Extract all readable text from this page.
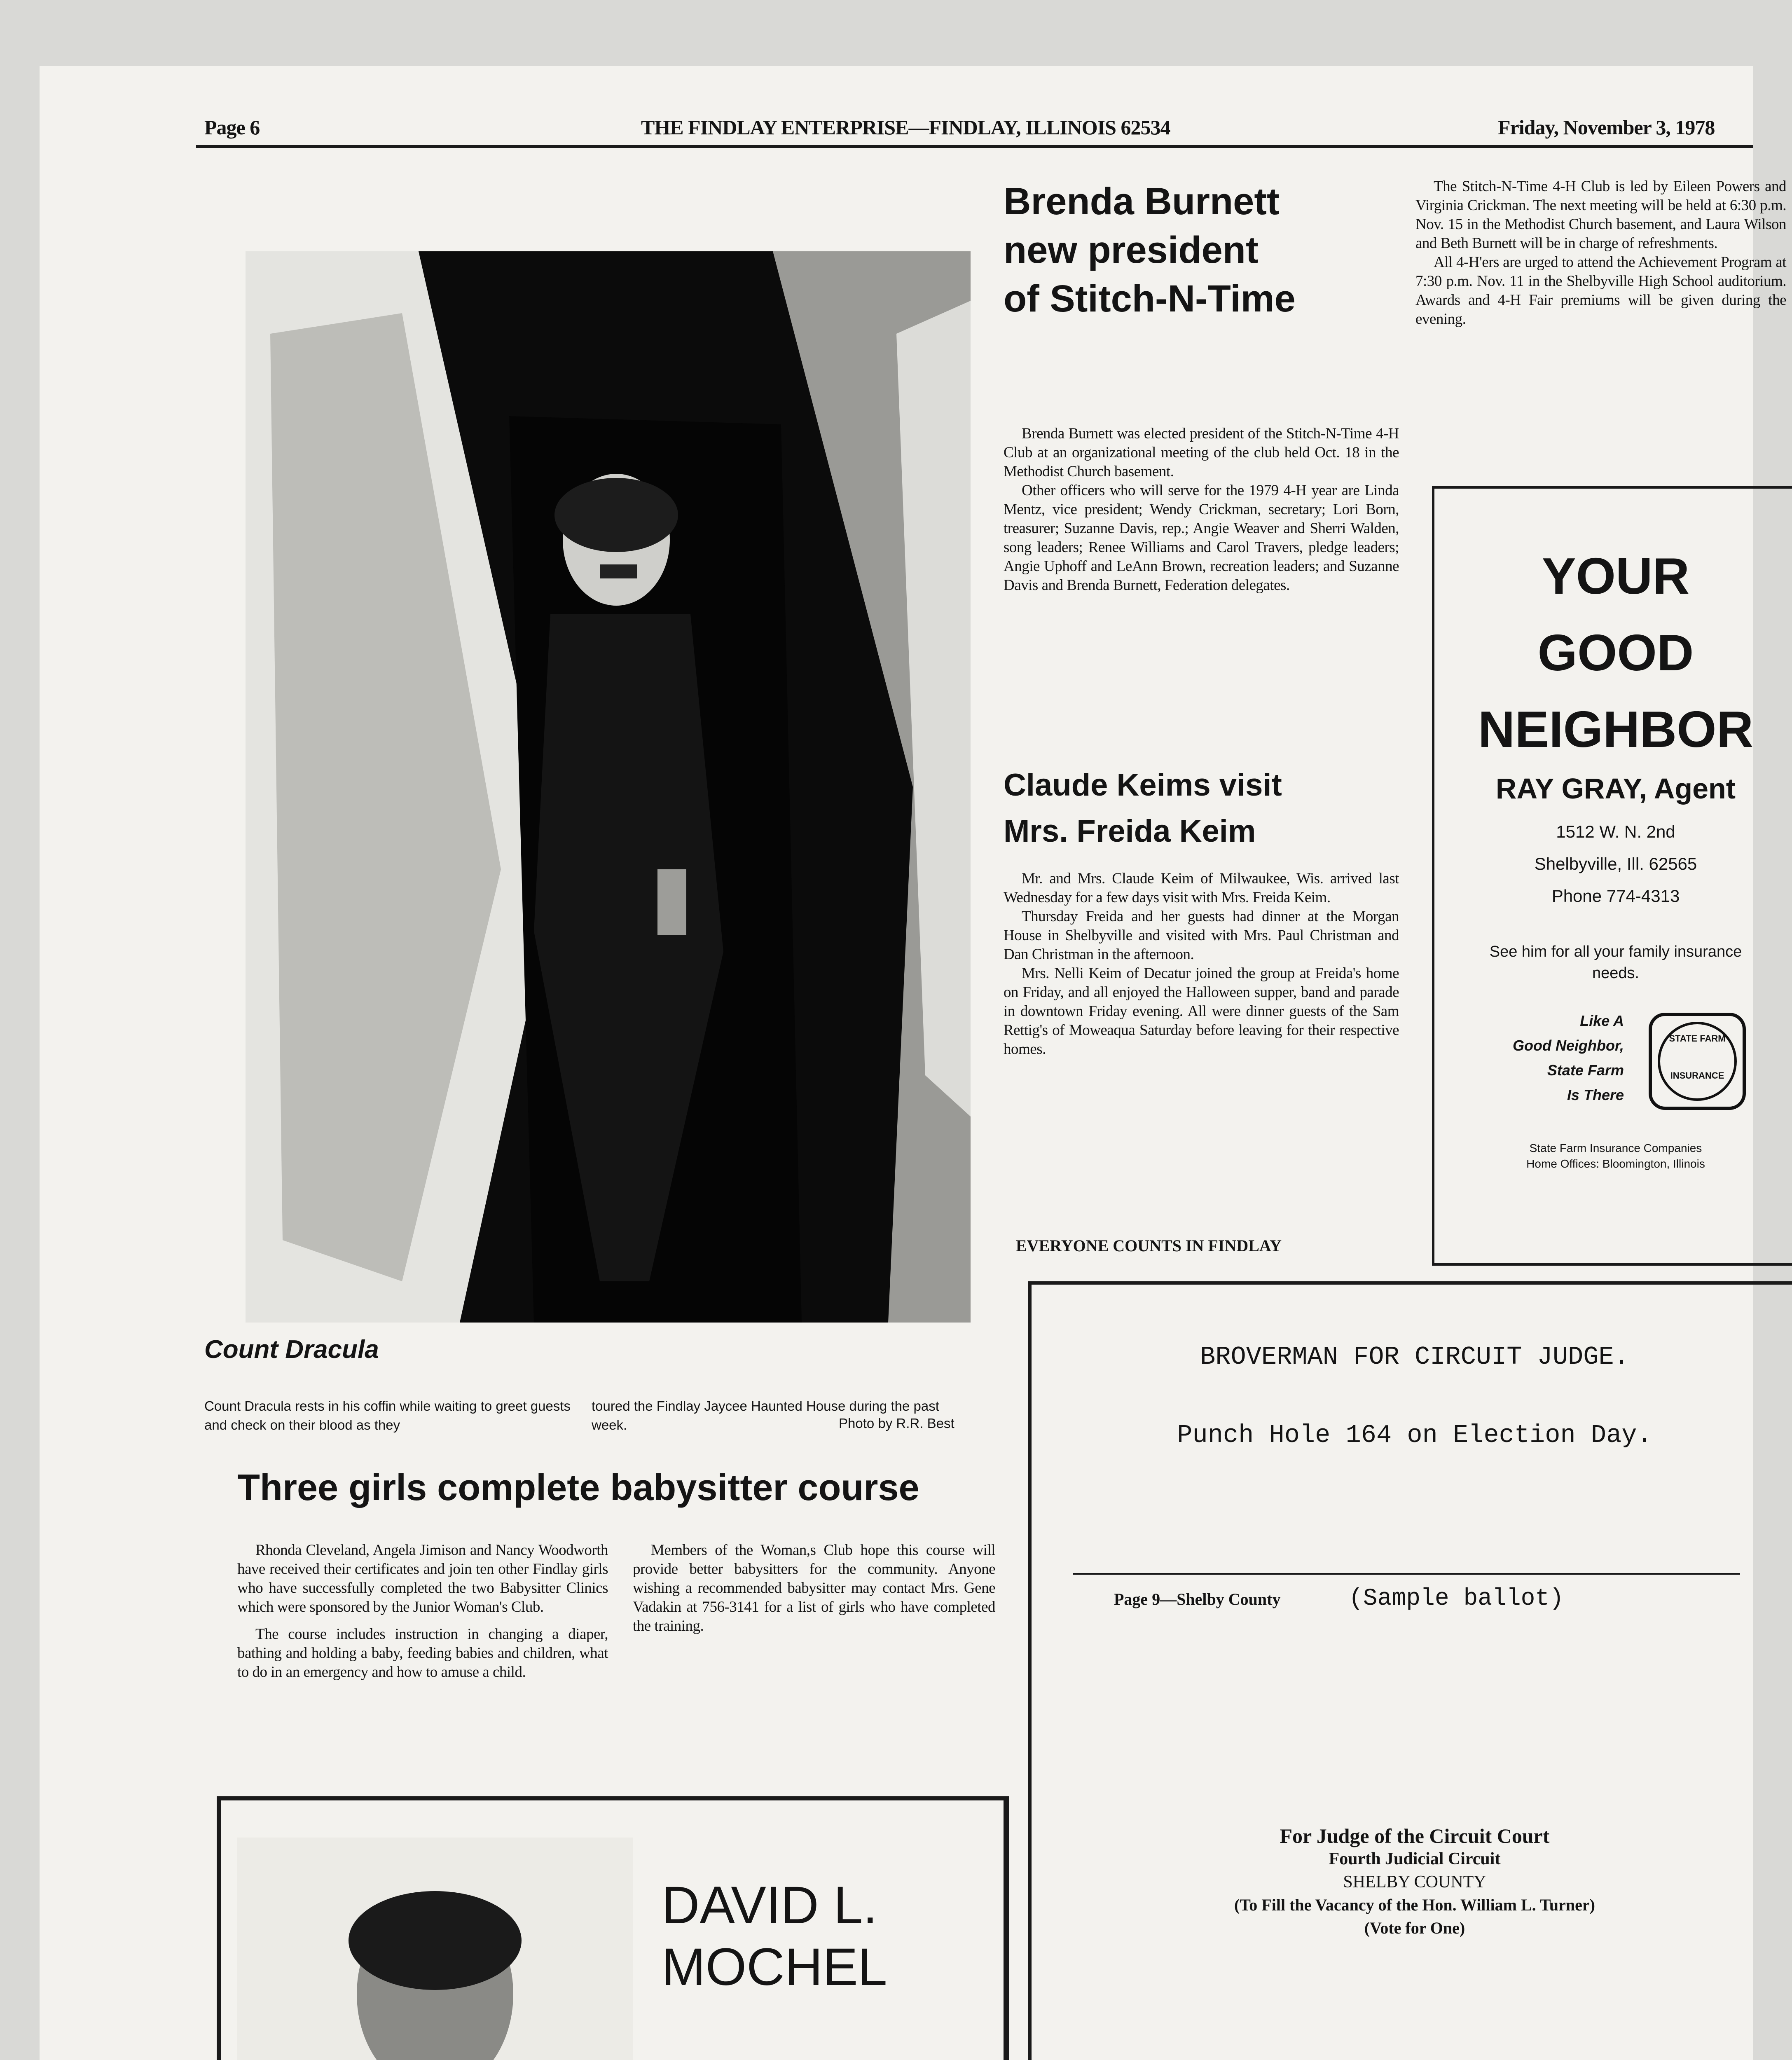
Page 6	THE FINDLAY ENTERPRISE—FINDLAY, ILLINOIS 62534	Friday, November 3, 1978
Count Dracula
Count Dracula rests in his coffin while waiting to greet guests and check on their blood as they
toured the Findlay Jaycee Haunted House during the past week.	Photo by R.R. Best
Brenda Burnett
new president
of Stitch-N-Time

Brenda Burnett was elected president of the Stitch-N-Time 4-H Club at an organizational meeting of the club held Oct. 18 in the Methodist Church basement.

Other officers who will serve for the 1979 4-H year are Linda Mentz, vice president; Wendy Crickman, secretary; Lori Born, treasurer; Suzanne Davis, rep.; Angie Weaver and Sherri Walden, song leaders; Renee Williams and Carol Travers, pledge leaders; Angie Uphoff and LeAnn Brown, recreation leaders; and Suzanne Davis and Brenda Burnett, Federation delegates.

Claude Keims visit
Mrs. Freida Keim

Mr. and Mrs. Claude Keim of Milwaukee, Wis. arrived last Wednesday for a few days visit with Mrs. Freida Keim.

Thursday Freida and her guests had dinner at the Morgan House in Shelbyville and visited with Mrs. Paul Christman and Dan Christman in the afternoon.

Mrs. Nelli Keim of Decatur joined the group at Freida's home on Friday, and all enjoyed the Halloween supper, band and parade in downtown Friday evening. All were dinner guests of the Sam Rettig's of Moweaqua Saturday before leaving for their respective homes.

EVERYONE COUNTS IN FINDLAY

The Stitch-N-Time 4-H Club is led by Eileen Powers and Virginia Crickman. The next meeting will be held at 6:30 p.m. Nov. 15 in the Methodist Church basement, and Laura Wilson and Beth Burnett will be in charge of refreshments.

All 4-H'ers are urged to attend the Achievement Program at 7:30 p.m. Nov. 11 in the Shelbyville High School auditorium. Awards and 4-H Fair premiums will be given during the evening.

YOUR
GOOD
NEIGHBOR
RAY GRAY, Agent
1512 W. N. 2nd
Shelbyville, Ill. 62565
Phone 774-4313
See him for all your family insurance needs.
Like A
Good Neighbor,
State Farm
Is There
STATE FARM
INSURANCE
State Farm Insurance Companies
Home Offices: Bloomington, Illinois
Three girls complete babysitter course

Rhonda Cleveland, Angela Jimison and Nancy Woodworth have received their certificates and join ten other Findlay girls who have successfully completed the two Babysitter Clinics which were sponsored by the Junior Woman's Club.

The course includes instruction in changing a diaper, bathing and holding a baby, feeding babies and children, what to do in an emergency and how to amuse a child.

Members of the Woman,s Club hope this course will provide better babysitters for the community. Anyone wishing a recommended babysitter may contact Mrs. Gene Vadakin at 756-3141 for a list of girls who have completed the training.

DAVID L.
MOCHEL
BROVERMAN FOR CIRCUIT JUDGE.
Punch Hole 164 on Election Day.
Page 9—Shelby County	(Sample ballot)
For Judge of the Circuit Court
Fourth Judicial Circuit
SHELBY COUNTY
(To Fill the Vacancy of the Hon. William L. Turner)
(Vote for One)
